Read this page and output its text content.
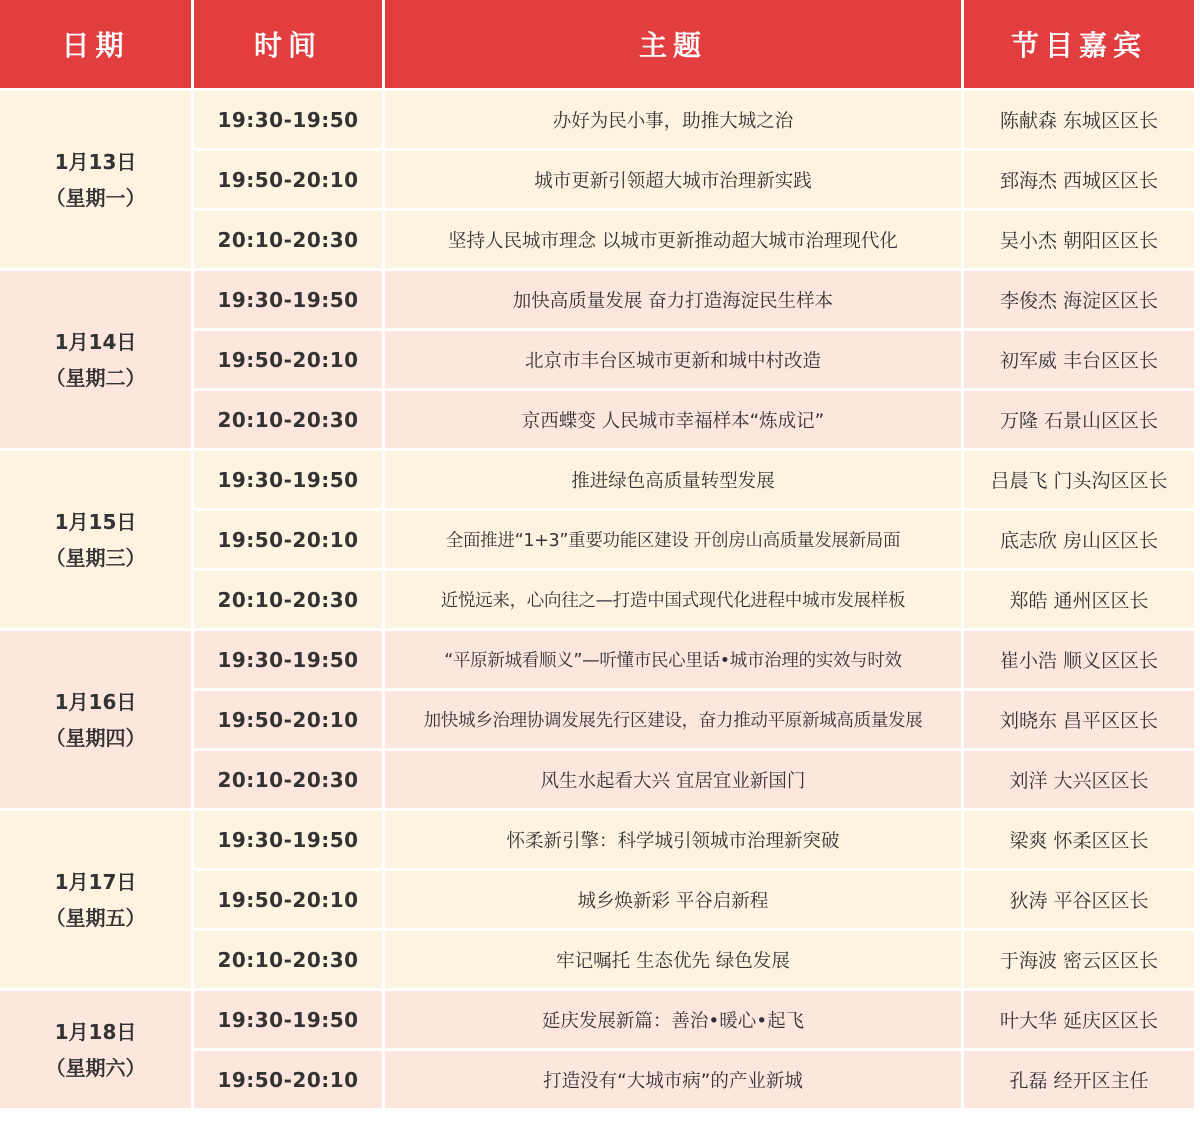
日期	时间	主题	节目嘉宾

1月13日
（星期一）	19:30-19:50	办好为民小事，助推大城之治	陈献森 东城区区长
	19:50-20:10	城市更新引领超大城市治理新实践	郅海杰 西城区区长
	20:10-20:30	坚持人民城市理念 以城市更新推动超大城市治理现代化	吴小杰 朝阳区区长

1月14日
（星期二）	19:30-19:50	加快高质量发展 奋力打造海淀民生样本	李俊杰 海淀区区长
	19:50-20:10	北京市丰台区城市更新和城中村改造	初军威 丰台区区长
	20:10-20:30	京西蝶变 人民城市幸福样本“炼成记”	万隆 石景山区区长

1月15日
（星期三）	19:30-19:50	推进绿色高质量转型发展	吕晨飞 门头沟区区长
	19:50-20:10	全面推进“1+3”重要功能区建设 开创房山高质量发展新局面	底志欣 房山区区长
	20:10-20:30	近悦远来，心向往之—打造中国式现代化进程中城市发展样板	郑皓 通州区区长

1月16日
（星期四）	19:30-19:50	“平原新城看顺义”—听懂市民心里话•城市治理的实效与时效	崔小浩 顺义区区长
	19:50-20:10	加快城乡治理协调发展先行区建设，奋力推动平原新城高质量发展	刘晓东 昌平区区长
	20:10-20:30	风生水起看大兴 宜居宜业新国门	刘洋 大兴区区长

1月17日
（星期五）	19:30-19:50	怀柔新引擎：科学城引领城市治理新突破	梁爽 怀柔区区长
	19:50-20:10	城乡焕新彩 平谷启新程	狄涛 平谷区区长
	20:10-20:30	牢记嘱托 生态优先 绿色发展	于海波 密云区区长

1月18日
（星期六）	19:30-19:50	延庆发展新篇：善治•暖心•起飞	叶大华 延庆区区长
	19:50-20:10	打造没有“大城市病”的产业新城	孔磊 经开区主任
